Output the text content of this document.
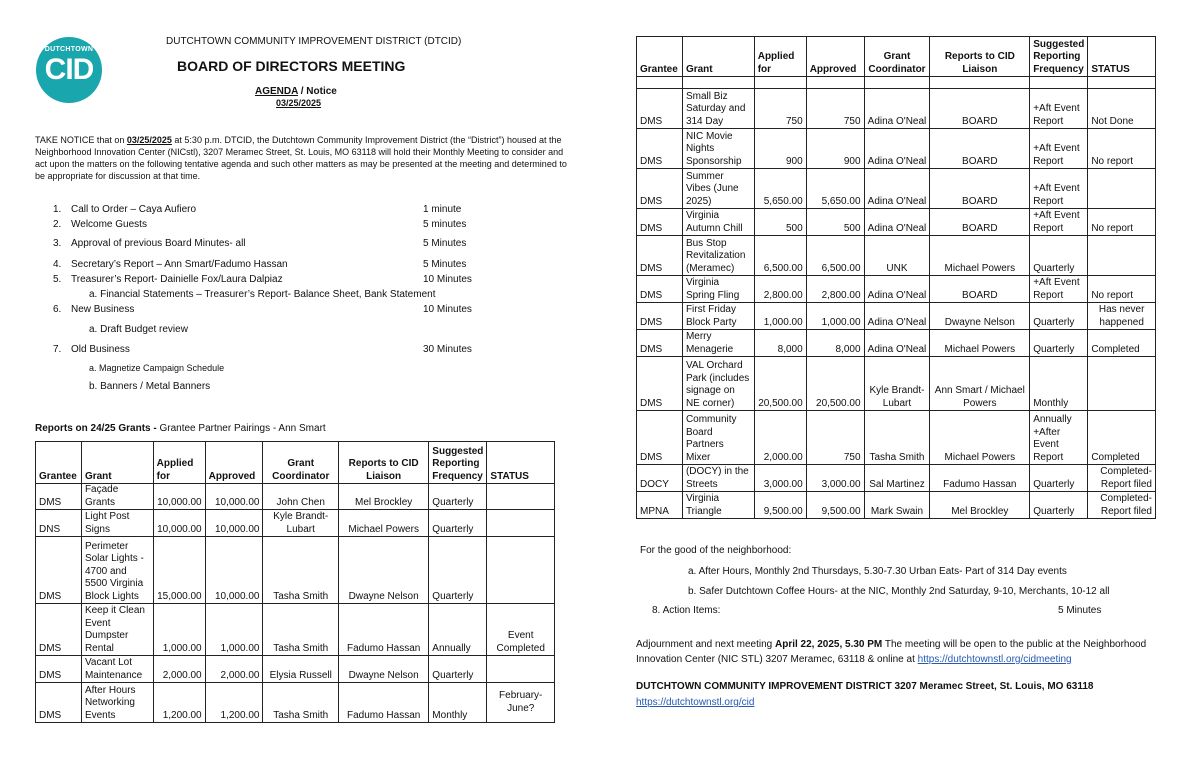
DUTCHTOWN
CID
DUTCHTOWN COMMUNITY IMPROVEMENT DISTRICT (DTCID)
BOARD OF DIRECTORS MEETING
AGENDA / Notice
03/25/2025
TAKE NOTICE that on 03/25/2025 at 5:30 p.m. DTCID, the Dutchtown Community Improvement District (the “District”) housed at the Neighborhood Innovation Center (NICstl), 3207 Meramec Street, St. Louis, MO 63118 will hold their Monthly Meeting to consider and act upon the matters on the following tentative agenda and such other matters as may be presented at the meeting and determined to be appropriate for discussion at that time.
1. Call to Order – Caya Aufiero	1 minute
2. Welcome Guests	5 minutes
3. Approval of previous Board Minutes- all	5 Minutes
4. Secretary’s Report – Ann Smart/Fadumo Hassan	5 Minutes
5. Treasurer’s Report- Dainielle Fox/Laura Dalpiaz	10 Minutes
a. Financial Statements – Treasurer’s Report- Balance Sheet, Bank Statement
6. New Business	10 Minutes
a. Draft Budget review
7. Old Business	30 Minutes
a. Magnetize Campaign Schedule
b. Banners / Metal Banners
Reports on 24/25 Grants - Grantee Partner Pairings - Ann Smart
Grantee	Grant	Applied for	Approved	Grant Coordinator	Reports to CID Liaison	Suggested Reporting Frequency	STATUS
DMS	Façade Grants	10,000.00	10,000.00	John Chen	Mel Brockley	Quarterly	
DNS	Light Post Signs	10,000.00	10,000.00	Kyle Brandt-Lubart	Michael Powers	Quarterly	
DMS	Perimeter Solar Lights - 4700 and 5500 Virginia Block Lights	15,000.00	10,000.00	Tasha Smith	Dwayne Nelson	Quarterly	
DMS	Keep it Clean Event Dumpster Rental	1,000.00	1,000.00	Tasha Smith	Fadumo Hassan	Annually	Event Completed
DMS	Vacant Lot Maintenance	2,000.00	2,000.00	Elysia Russell	Dwayne Nelson	Quarterly	
DMS	After Hours Networking Events	1,200.00	1,200.00	Tasha Smith	Fadumo Hassan	Monthly	February-June?
Grantee	Grant	Applied for	Approved	Grant Coordinator	Reports to CID Liaison	Suggested Reporting Frequency	STATUS

DMS	Small Biz Saturday and 314 Day	750	750	Adina O'Neal	BOARD	+Aft Event Report	Not Done
DMS	NIC Movie Nights Sponsorship	900	900	Adina O'Neal	BOARD	+Aft Event Report	No report
DMS	Summer Vibes (June 2025)	5,650.00	5,650.00	Adina O'Neal	BOARD	+Aft Event Report	
DMS	Virginia Autumn Chill	500	500	Adina O'Neal	BOARD	+Aft Event Report	No report
DMS	Bus Stop Revitalization (Meramec)	6,500.00	6,500.00	UNK	Michael Powers	Quarterly	
DMS	Virginia Spring Fling	2,800.00	2,800.00	Adina O'Neal	BOARD	+Aft Event Report	No report
DMS	First Friday Block Party	1,000.00	1,000.00	Adina O'Neal	Dwayne Nelson	Quarterly	Has never happened
DMS	Merry Menagerie	8,000	8,000	Adina O'Neal	Michael Powers	Quarterly	Completed
DMS	VAL Orchard Park (includes signage on NE corner)	20,500.00	20,500.00	Kyle Brandt-Lubart	Ann Smart / Michael Powers	Monthly	
DMS	Community Board Partners Mixer	2,000.00	750	Tasha Smith	Michael Powers	Annually +After Event Report	Completed
DOCY	(DOCY) in the Streets	3,000.00	3,000.00	Sal Martinez	Fadumo Hassan	Quarterly	Completed-Report filed
MPNA	Virginia Triangle	9,500.00	9,500.00	Mark Swain	Mel Brockley	Quarterly	Completed-Report filed
For the good of the neighborhood:
a. After Hours, Monthly 2nd Thursdays, 5.30-7.30 Urban Eats- Part of 314 Day events
b. Safer Dutchtown Coffee Hours- at the NIC, Monthly 2nd Saturday, 9-10, Merchants, 10-12 all
8. Action Items:	5 Minutes
Adjournment and next meeting April 22, 2025, 5.30 PM The meeting will be open to the public at the Neighborhood Innovation Center (NIC STL) 3207 Meramec, 63118 & online at https://dutchtownstl.org/cidmeeting
DUTCHTOWN COMMUNITY IMPROVEMENT DISTRICT 3207 Meramec Street, St. Louis, MO 63118
https://dutchtownstl.org/cid
